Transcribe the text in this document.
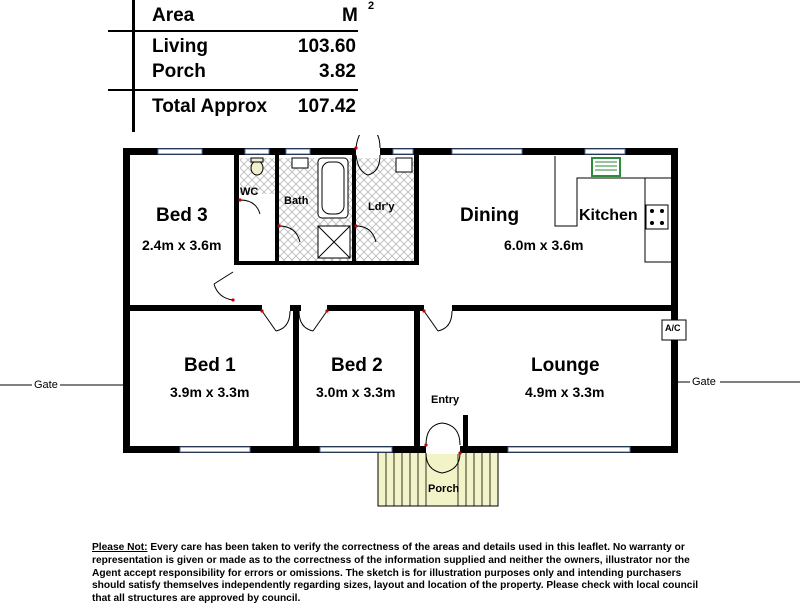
Area	M 2
Living	103.60
Porch	3.82
Total Approx	107.42
Bed 3
2.4m x 3.6m
WC
Bath	Ldr'y	Dining
6.0m x 3.6m
Kitchen
Bed 1
3.9m x 3.3m
Bed 2
3.0m x 3.3m
Lounge
4.9m x 3.3m
Entry
Porch
A/C
Gate	Gate
Please Not: Every care has been taken to verify the correctness of the areas and details used in this leaflet. No warranty or representation is given or made as to the correctness of the information supplied and neither the owners, illustrator nor the Agent accept responsibility for errors or omissions. The sketch is for illustration purposes only and intending purchasers should satisfy themselves independently regarding sizes, layout and location of the property. Please check with local council that all structures are approved by council.
